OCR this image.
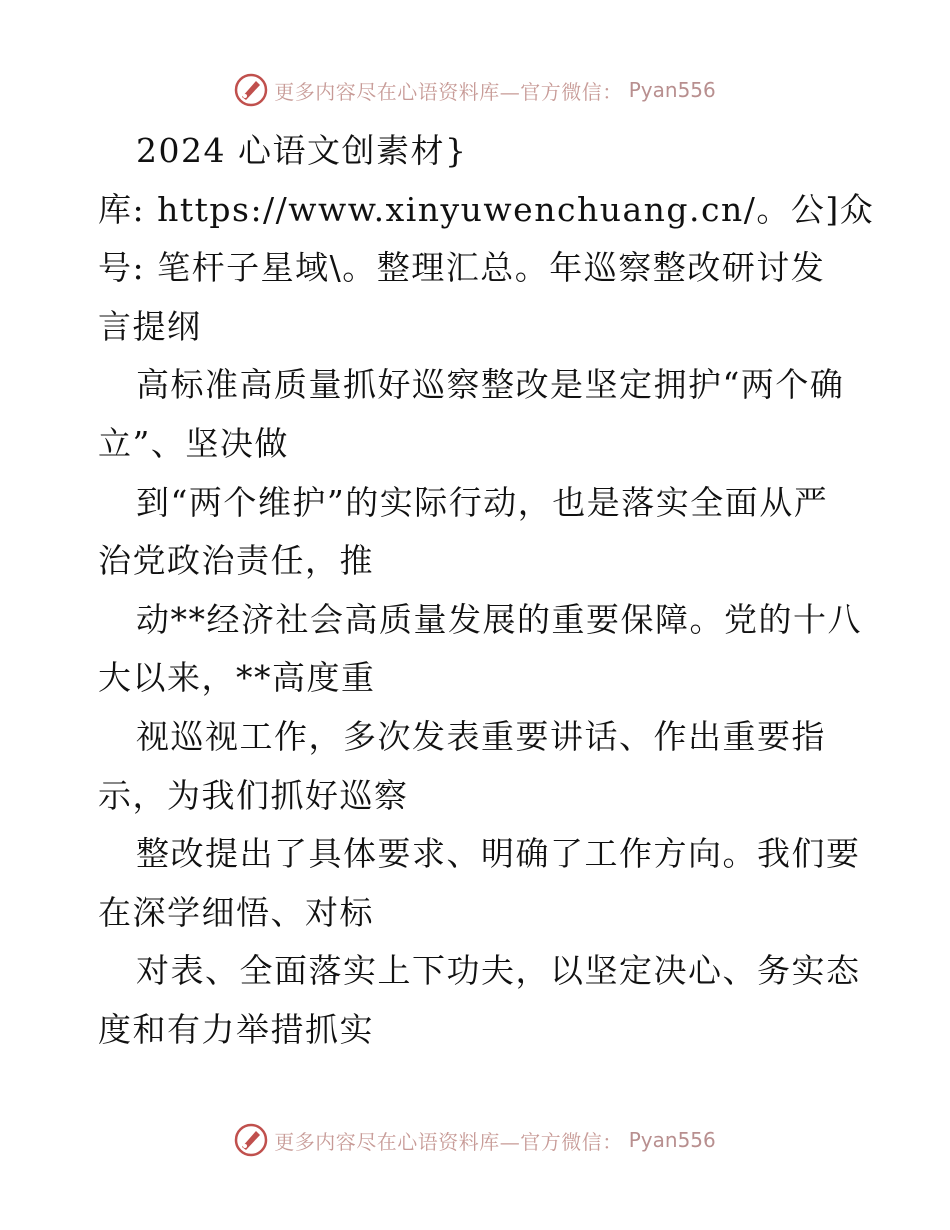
更多内容尽在心语资料库—官方微信： Pyan556
2024 心语文创素材}
库: https://www.xinyuwenchuang.cn/。公]众
号: 笔杆子星域\。整理汇总。年巡察整改研讨发
言提纲
高标准高质量抓好巡察整改是坚定拥护“两个确
立”、坚决做
到“两个维护”的实际行动，也是落实全面从严
治党政治责任，推
动**经济社会高质量发展的重要保障。党的十八
大以来，**高度重
视巡视工作，多次发表重要讲话、作出重要指
示，为我们抓好巡察
整改提出了具体要求、明确了工作方向。我们要
在深学细悟、对标
对表、全面落实上下功夫，以坚定决心、务实态
度和有力举措抓实
更多内容尽在心语资料库—官方微信： Pyan556
